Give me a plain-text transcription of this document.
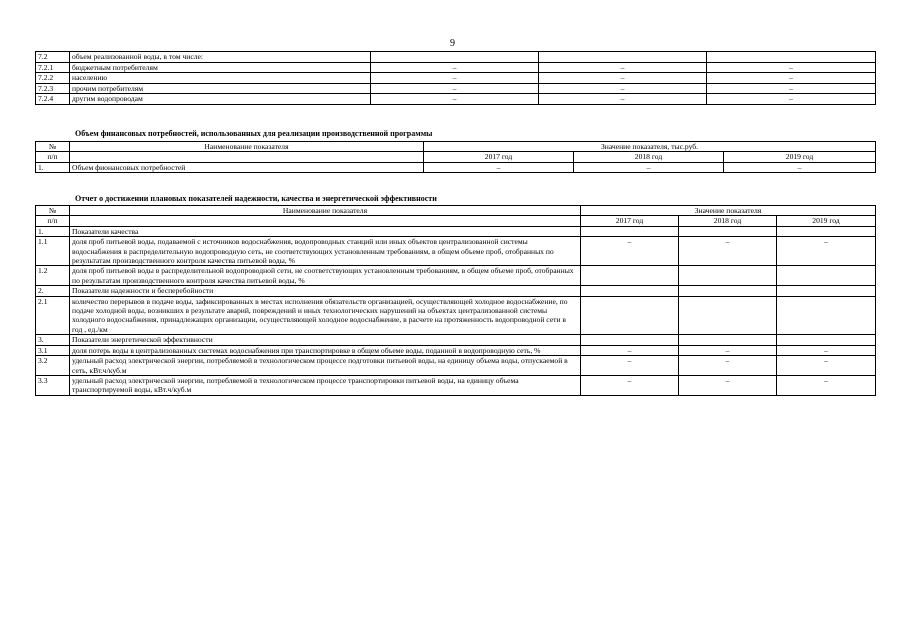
9
7.2	объем реализованной воды, в том числе:			
7.2.1	бюджетным потребителям	–	–	–
7.2.2	населению	–	–	–
7.2.3	прочим потребителям	–	–	–
7.2.4	другим водопроводам	–	–	–
Объем финансовых потребностей, использованных для реализации производственной программы
№	Наименование показателя	Значение показателя, тыс.руб.		
п/п		2017 год	2018 год	2019 год
1.	Объем фионансовых потребностей	–	–	–
Отчет о достижении плановых показателей надежности, качества и энергетической эффективности
№	Наименование показателя	Значение показателя		
п/п		2017 год	2018 год	2019 год
1.	Показатели качества			
1.1	доля проб питьевой воды, подаваемой с источников водоснабжения, водопроводных станций или иных объектов централизованной системы водоснабжения в распределительную водопроводную сеть, не соответствующих установленным требованиям, в общем объеме проб, отобранных по результатам производственного контроля качества питьевой воды, %	–	–	–
1.2	доля проб питьевой воды в распределительной водопроводной сети, не соответствующих установленным требованиям, в общем объеме проб, отобранных по результатам производственного контроля качества питьевой воды, %			
2.	Показатели надежности и бесперебойности			
2.1	количество перерывов в подаче воды, зафиксированных в местах исполнения обязательств организацией, осуществляющей холодное водоснабжение, по подаче холодной воды, возникших в результате аварий, повреждений и иных технологических нарушений на объектах централизованной системы холодного водоснабжения, принадлежащих организации, осуществляющей холодное водоснабжение, в расчете на протяженность водопроводной сети в год , ед./км			
3.	Показатели энергетической эффективности			
3.1	доля потерь воды в централизованных системах водоснабжения при транспортировке в общем объеме воды, поданной в водопроводную сеть, %	–	–	–
3.2	удельный расход электрической энергии, потребляемой в технологическом процессе подготовки питьевой воды, на единицу объема воды, отпускаемой в сеть, кВт.ч/куб.м	–	–	–
3.3	удельный расход электрической энергии, потребляемой в технологическом процессе транспортировки питьевой воды, на единицу объема транспортируемой воды, кВт.ч/куб.м	–	–	–
